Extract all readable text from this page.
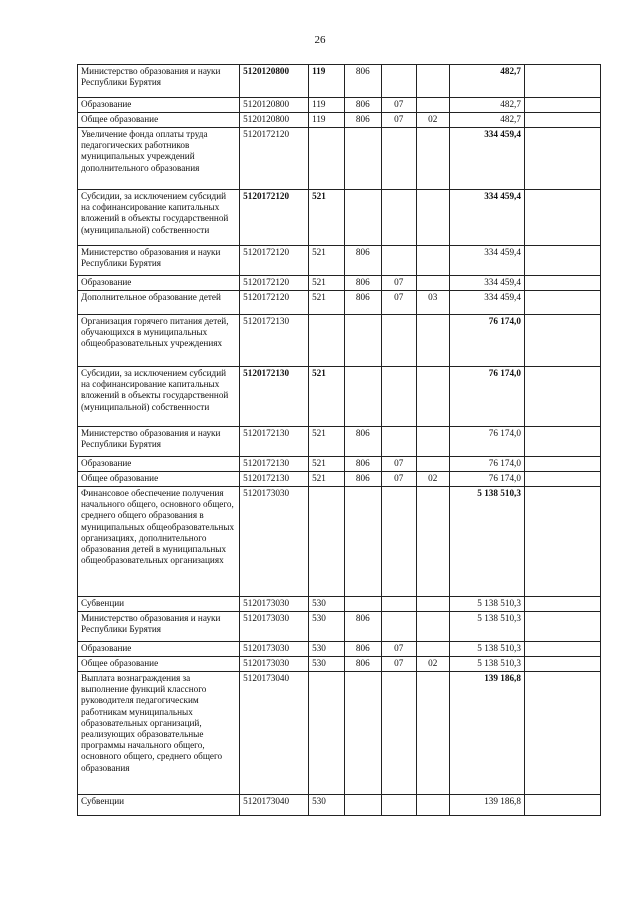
26
Министерство образования и науки Республики Бурятия	5120120800	119	806			482,7	
Образование	5120120800	119	806	07		482,7	
Общее образование	5120120800	119	806	07	02	482,7	
Увеличение фонда оплаты труда педагогических работников муниципальных учреждений дополнительного образования	5120172120					334 459,4	
Субсидии, за исключением субсидий на софинансирование капитальных вложений в объекты государственной (муниципальной) собственности	5120172120	521				334 459,4	
Министерство образования и науки Республики Бурятия	5120172120	521	806			334 459,4	
Образование	5120172120	521	806	07		334 459,4	
Дополнительное образование детей	5120172120	521	806	07	03	334 459,4	
Организация горячего питания детей, обучающихся в муниципальных общеобразовательных учреждениях	5120172130					76 174,0	
Субсидии, за исключением субсидий на софинансирование капитальных вложений в объекты государственной (муниципальной) собственности	5120172130	521				76 174,0	
Министерство образования и науки Республики Бурятия	5120172130	521	806			76 174,0	
Образование	5120172130	521	806	07		76 174,0	
Общее образование	5120172130	521	806	07	02	76 174,0	
Финансовое обеспечение получения начального общего, основного общего, среднего общего образования в муниципальных общеобразовательных организациях, дополнительного образования детей в муниципальных общеобразовательных организациях	5120173030					5 138 510,3	
Субвенции	5120173030	530				5 138 510,3	
Министерство образования и науки Республики Бурятия	5120173030	530	806			5 138 510,3	
Образование	5120173030	530	806	07		5 138 510,3	
Общее образование	5120173030	530	806	07	02	5 138 510,3	
Выплата вознаграждения за выполнение функций классного руководителя педагогическим работникам муниципальных образовательных организаций, реализующих образовательные программы начального общего, основного общего, среднего общего образования	5120173040					139 186,8	
Субвенции	5120173040	530				139 186,8	
